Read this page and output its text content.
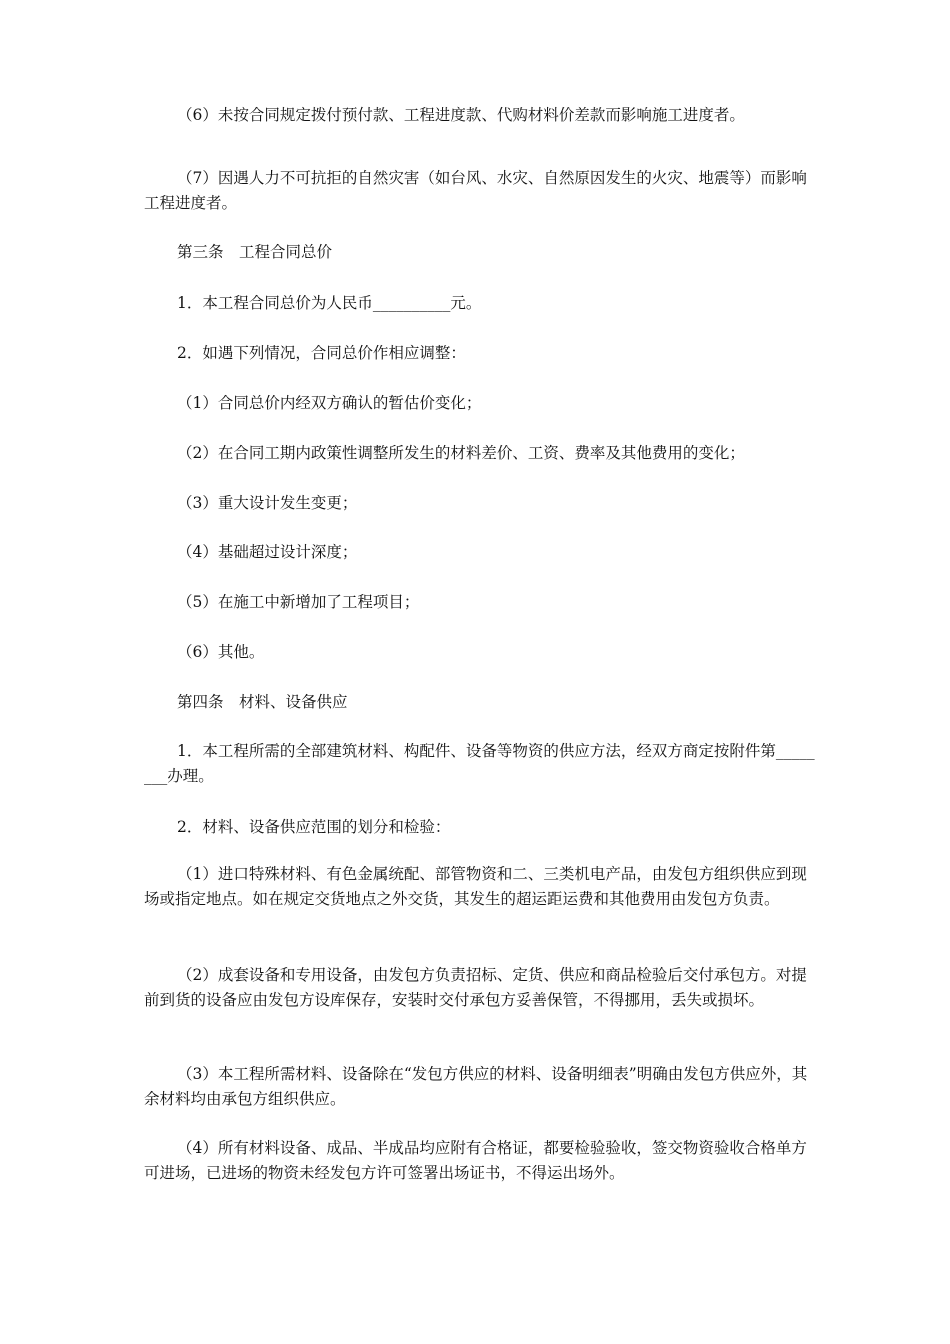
（6）未按合同规定拨付预付款、工程进度款、代购材料价差款而影响施工进度者。

（7）因遇人力不可抗拒的自然灾害（如台风、水灾、自然原因发生的火灾、地震等）而影响工程进度者。

第三条　工程合同总价

1．本工程合同总价为人民币__________元。

2．如遇下列情况，合同总价作相应调整：

（1）合同总价内经双方确认的暂估价变化；

（2）在合同工期内政策性调整所发生的材料差价、工资、费率及其他费用的变化；

（3）重大设计发生变更；

（4）基础超过设计深度；

（5）在施工中新增加了工程项目；

（6）其他。

第四条　材料、设备供应

1．本工程所需的全部建筑材料、构配件、设备等物资的供应方法，经双方商定按附件第________办理。

2．材料、设备供应范围的划分和检验：

（1）进口特殊材料、有色金属统配、部管物资和二、三类机电产品，由发包方组织供应到现场或指定地点。如在规定交货地点之外交货，其发生的超运距运费和其他费用由发包方负责。

（2）成套设备和专用设备，由发包方负责招标、定货、供应和商品检验后交付承包方。对提前到货的设备应由发包方设库保存，安装时交付承包方妥善保管，不得挪用，丢失或损坏。

（3）本工程所需材料、设备除在“发包方供应的材料、设备明细表”明确由发包方供应外，其余材料均由承包方组织供应。

（4）所有材料设备、成品、半成品均应附有合格证，都要检验验收，签交物资验收合格单方可进场，已进场的物资未经发包方许可签署出场证书，不得运出场外。
